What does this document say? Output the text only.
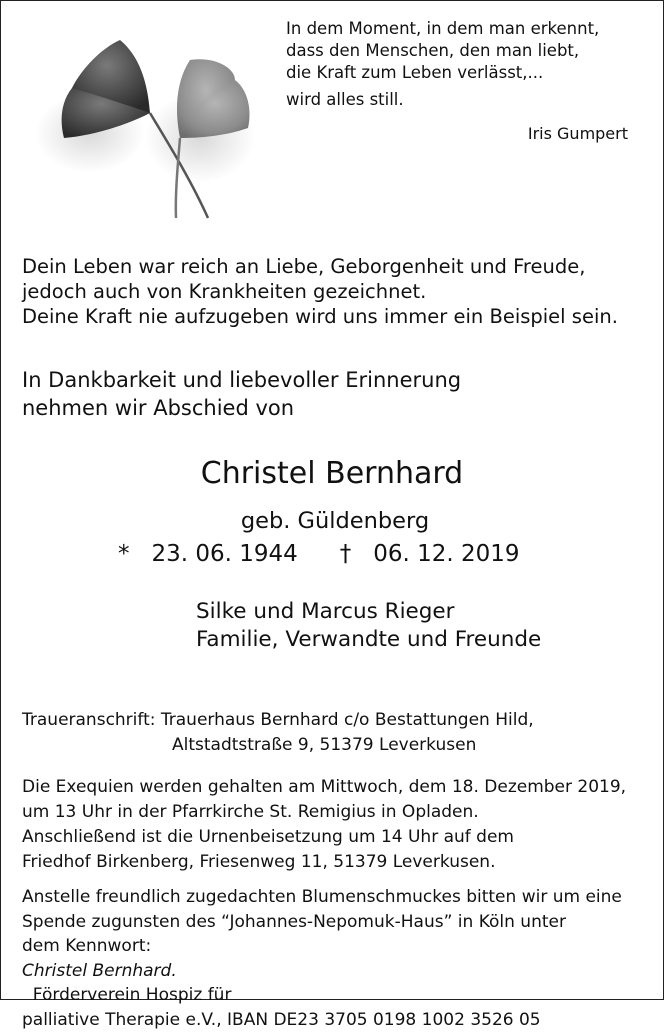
In dem Moment, in dem man erkennt,
dass den Menschen, den man liebt,
die Kraft zum Leben verlässt,...
wird alles still.
Iris Gumpert
Dein Leben war reich an Liebe, Geborgenheit und Freude,
jedoch auch von Krankheiten gezeichnet.
Deine Kraft nie aufzugeben wird uns immer ein Beispiel sein.
In Dankbarkeit und liebevoller Erinnerung
nehmen wir Abschied von
Christel Bernhard
geb. Güldenberg
* 23. 06. 1944 † 06. 12. 2019
Silke und Marcus Rieger
Familie, Verwandte und Freunde
Traueranschrift: Trauerhaus Bernhard c/o Bestattungen Hild,
Altstadtstraße 9, 51379 Leverkusen
Die Exequien werden gehalten am Mittwoch, dem 18. Dezember 2019,
um 13 Uhr in der Pfarrkirche St. Remigius in Opladen.
Anschließend ist die Urnenbeisetzung um 14 Uhr auf dem
Friedhof Birkenberg, Friesenweg 11, 51379 Leverkusen.
Anstelle freundlich zugedachten Blumenschmuckes bitten wir um eine
Spende zugunsten des “Johannes-Nepomuk-Haus” in Köln unter
dem Kennwort:
Christel Bernhard.
Förderverein Hospiz für
palliative Therapie e.V., IBAN DE23 3705 0198 1002 3526 05
